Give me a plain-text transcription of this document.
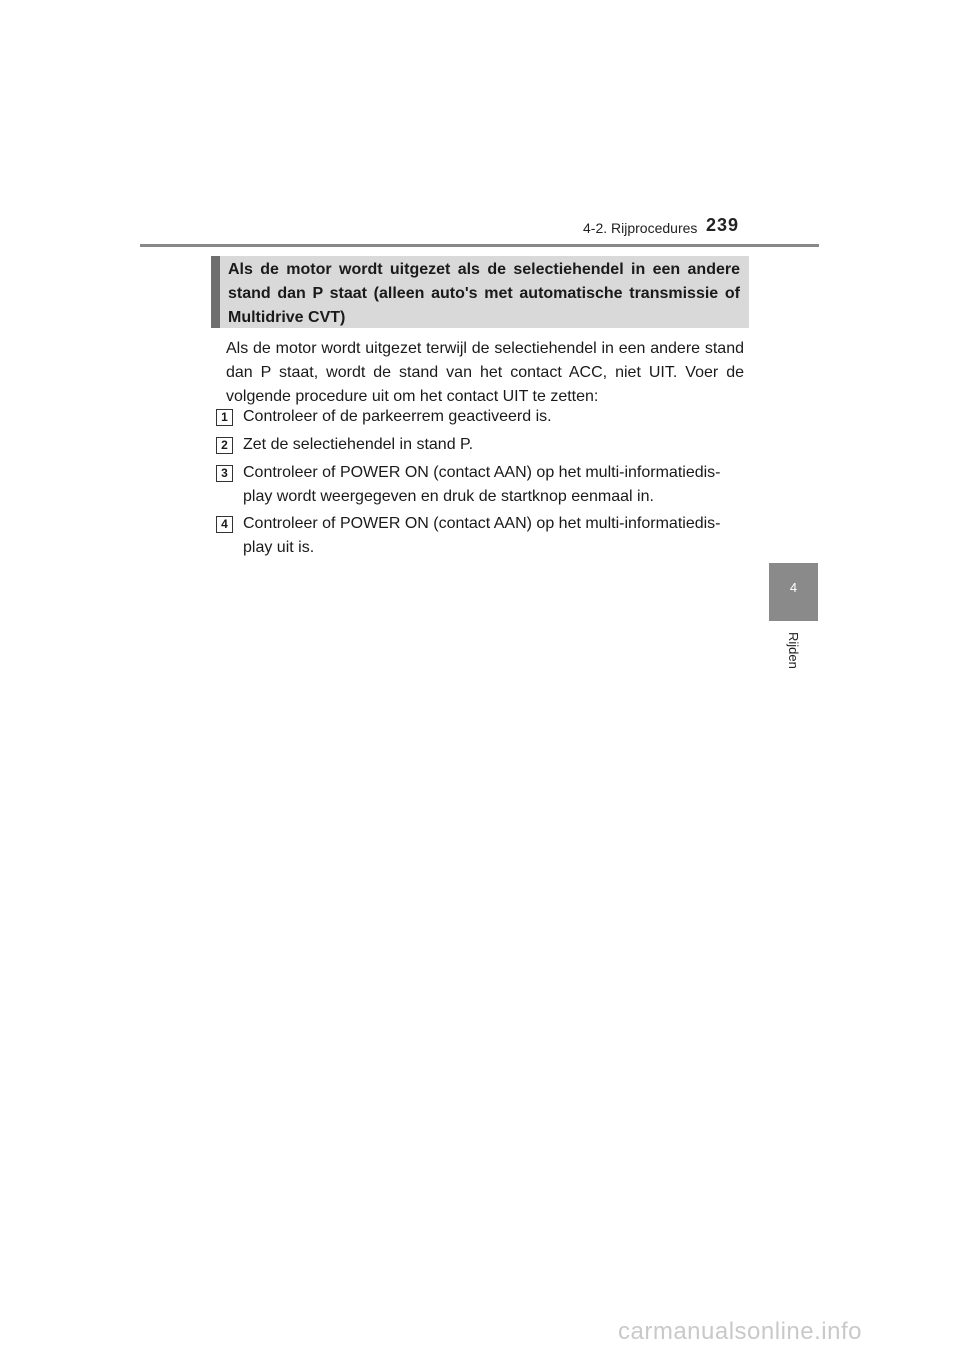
4-2. Rijprocedures 239
Als de motor wordt uitgezet als de selectiehendel in een andere stand dan P staat (alleen auto's met automatische transmissie of Multidrive CVT)
Als de motor wordt uitgezet terwijl de selectiehendel in een andere stand dan P staat, wordt de stand van het contact ACC, niet UIT. Voer de volgende procedure uit om het contact UIT te zetten:
1 Controleer of de parkeerrem geactiveerd is.
2 Zet de selectiehendel in stand P.
3 Controleer of POWER ON (contact AAN) op het multi-informatiedis-play wordt weergegeven en druk de startknop eenmaal in.
4 Controleer of POWER ON (contact AAN) op het multi-informatiedis-play uit is.
4
Rijden
carmanualsonline.info
